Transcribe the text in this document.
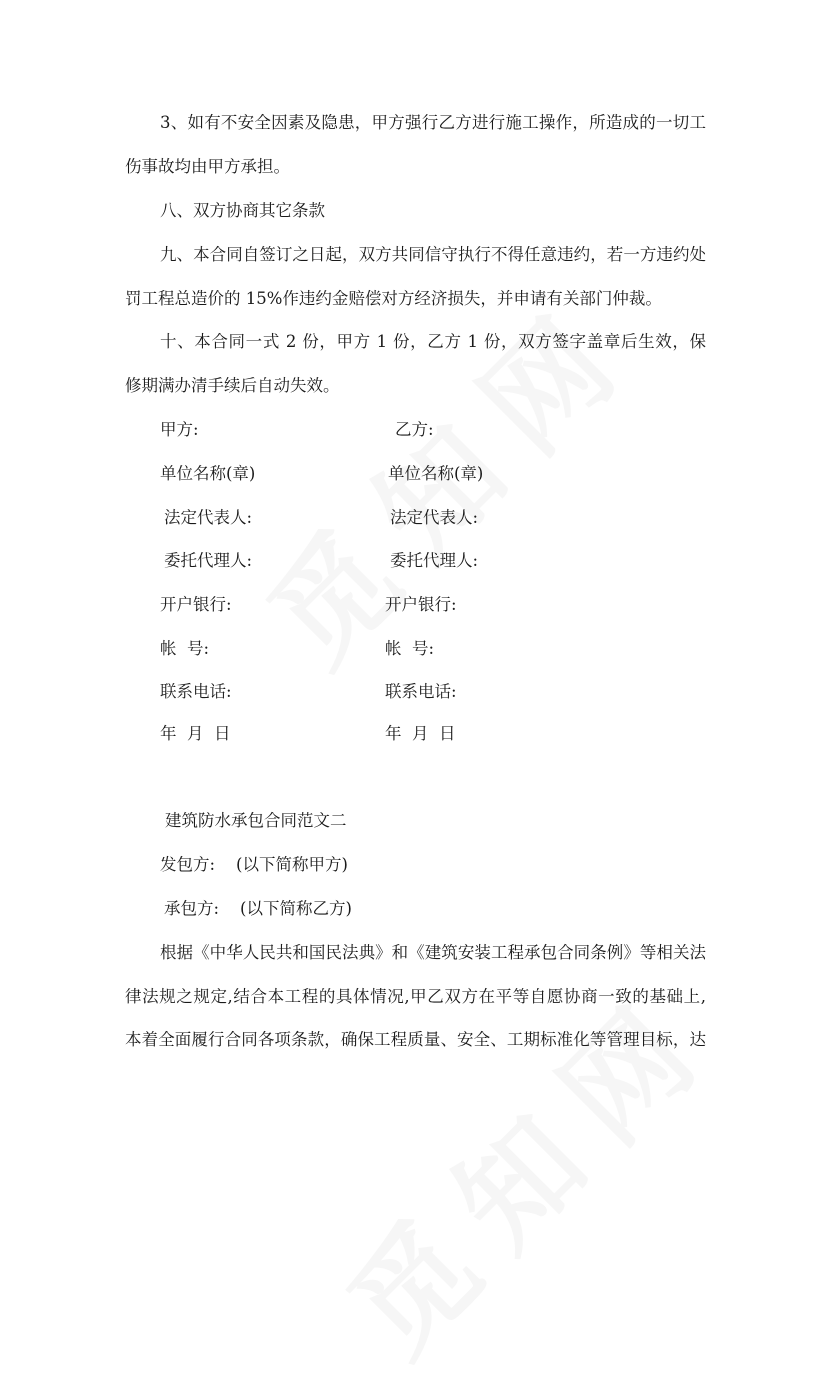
3、如有不安全因素及隐患，甲方强行乙方进行施工操作，所造成的一切工
伤事故均由甲方承担。
八、双方协商其它条款
九、本合同自签订之日起，双方共同信守执行不得任意违约，若一方违约处
罚工程总造价的 15%作违约金赔偿对方经济损失，并申请有关部门仲裁。
十、本合同一式 2 份，甲方 1 份，乙方 1 份，双方签字盖章后生效，保
修期满办清手续后自动失效。
甲方:
单位名称(章)
法定代表人:
委托代理人:
开户银行:
帐  号:
联系电话:
年  月  日
乙方:
单位名称(章)
法定代表人:
委托代理人:
开户银行:
帐  号:
联系电话:
年  月  日
建筑防水承包合同范文二
发包方:    (以下简称甲方)
承包方:    (以下简称乙方)
根据《中华人民共和国民法典》和《建筑安装工程承包合同条例》等相关法
律法规之规定,结合本工程的具体情况,甲乙双方在平等自愿协商一致的基础上,
本着全面履行合同各项条款，确保工程质量、安全、工期标准化等管理目标，达
